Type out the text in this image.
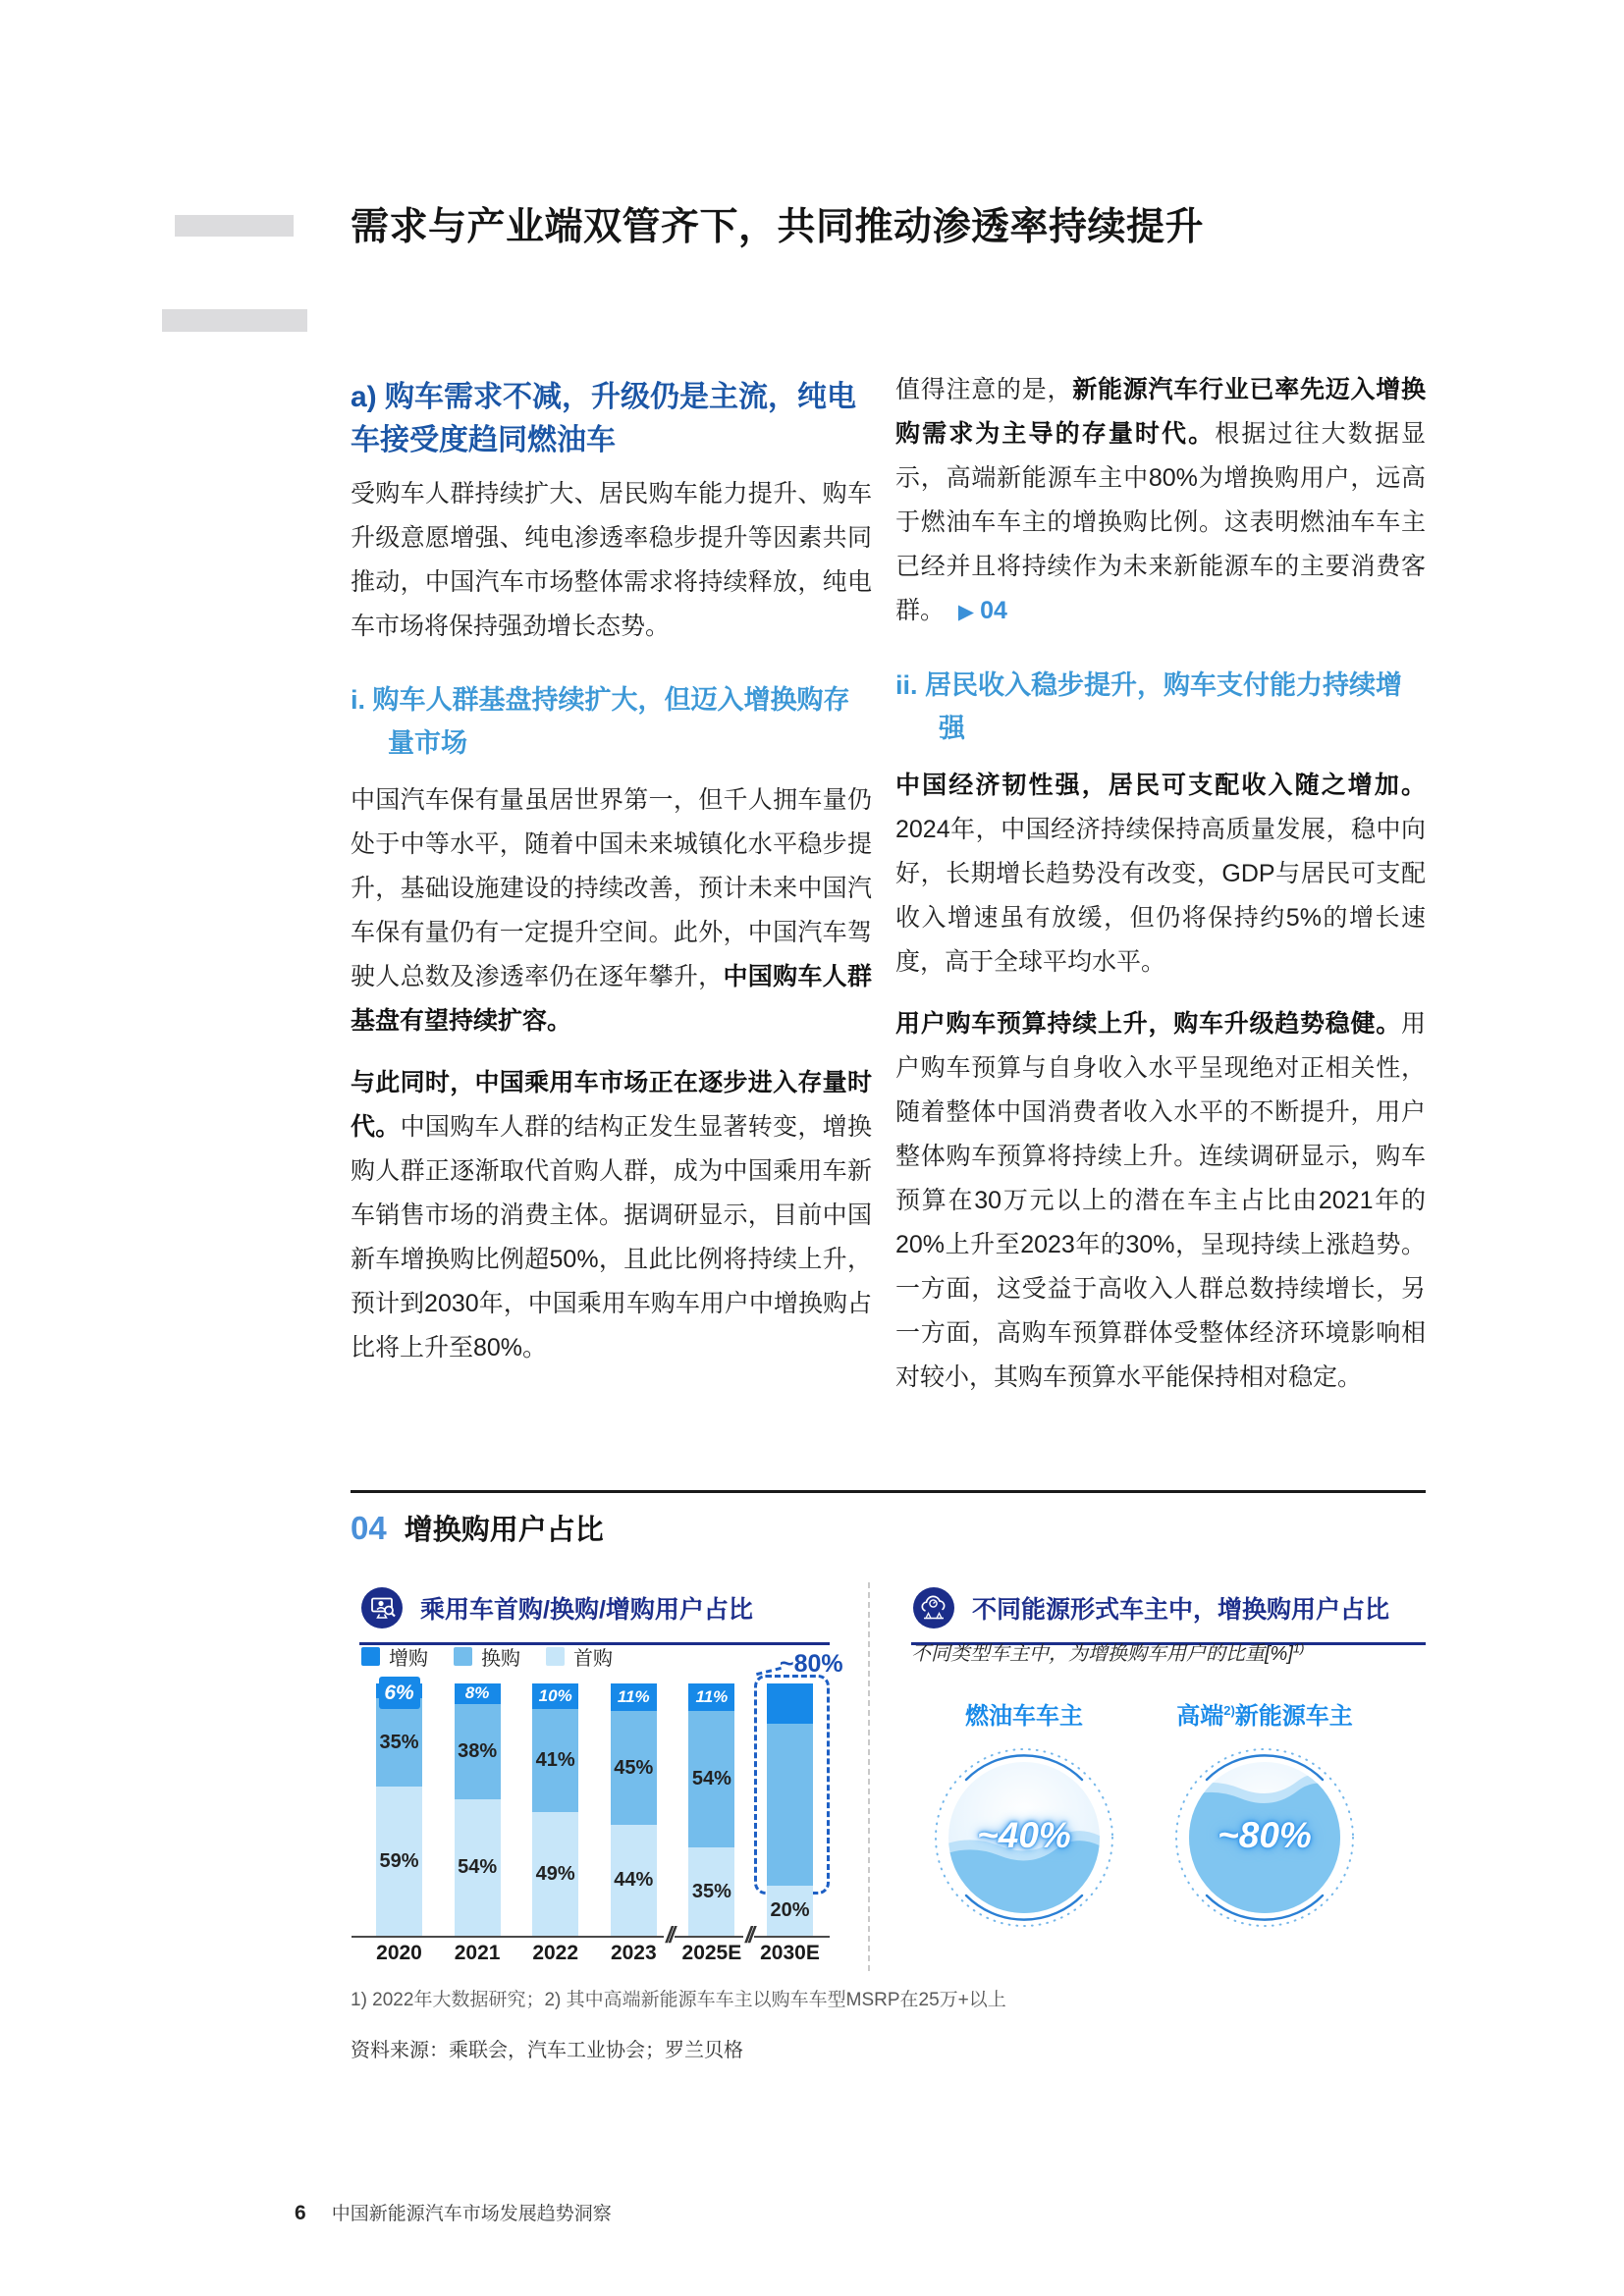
需求与产业端双管齐下，共同推动渗透率持续提升
a) 购车需求不减，升级仍是主流，纯电车接受度趋同燃油车

受购车人群持续扩大、居民购车能力提升、购车升级意愿增强、纯电渗透率稳步提升等因素共同推动，中国汽车市场整体需求将持续释放，纯电车市场将保持强劲增长态势。

i. 购车人群基盘持续扩大，但迈入增换购存量市场

中国汽车保有量虽居世界第一，但千人拥车量仍处于中等水平，随着中国未来城镇化水平稳步提升，基础设施建设的持续改善，预计未来中国汽车保有量仍有一定提升空间。此外，中国汽车驾驶人总数及渗透率仍在逐年攀升，中国购车人群基盘有望持续扩容。

与此同时，中国乘用车市场正在逐步进入存量时代。中国购车人群的结构正发生显著转变，增换购人群正逐渐取代首购人群，成为中国乘用车新车销售市场的消费主体。据调研显示，目前中国新车增换购比例超50%，且此比例将持续上升，预计到2030年，中国乘用车购车用户中增换购占比将上升至80%。

值得注意的是，新能源汽车行业已率先迈入增换购需求为主导的存量时代。根据过往大数据显示，高端新能源车主中80%为增换购用户，远高于燃油车车主的增换购比例。这表明燃油车车主已经并且将持续作为未来新能源车的主要消费客群。 ▶ 04

ii. 居民收入稳步提升，购车支付能力持续增强

中国经济韧性强，居民可支配收入随之增加。2024年，中国经济持续保持高质量发展，稳中向好，长期增长趋势没有改变，GDP与居民可支配收入增速虽有放缓，但仍将保持约5%的增长速度，高于全球平均水平。

用户购车预算持续上升，购车升级趋势稳健。用户购车预算与自身收入水平呈现绝对正相关性，随着整体中国消费者收入水平的不断提升，用户整体购车预算将持续上升。连续调研显示，购车预算在30万元以上的潜在车主占比由2021年的20%上升至2023年的30%，呈现持续上涨趋势。一方面，这受益于高收入人群总数持续增长，另一方面，高购车预算群体受整体经济环境影响相对较小，其购车预算水平能保持相对稳定。

04 增换购用户占比
乘用车首购/换购/增购用户占比
增购	换购	首购
//	//
~80%
6%
35%
59%
2020
8%
38%
54%
2021
10%
41%
49%
2022
11%
45%
44%
2023
11%
54%
35%
2025E
20%
2030E
不同能源形式车主中，增换购用户占比
不同类型车主中，为增换购车用户的比重[%]$^{1)}$
燃油车车主	高端$^{2)}$新能源车主
~40%	~80%
1) 2022年大数据研究；2) 其中高端新能源车车主以购车车型MSRP在25万+以上
资料来源：乘联会，汽车工业协会；罗兰贝格
6 中国新能源汽车市场发展趋势洞察
